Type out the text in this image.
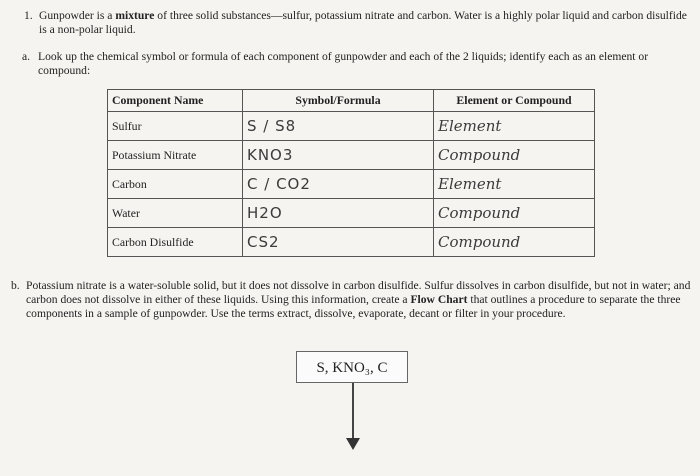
1. Gunpowder is a mixture of three solid substances—sulfur, potassium nitrate and carbon. Water is a highly polar liquid and carbon disulfide is a non-polar liquid.
a. Look up the chemical symbol or formula of each component of gunpowder and each of the 2 liquids; identify each as an element or compound:
Component Name	Symbol/Formula	Element or Compound
Sulfur	S / S8	Element
Potassium Nitrate	KNO3	Compound
Carbon	C / CO2	Element
Water	H2O	Compound
Carbon Disulfide	CS2	Compound
b. Potassium nitrate is a water-soluble solid, but it does not dissolve in carbon disulfide. Sulfur dissolves in carbon disulfide, but not in water; and carbon does not dissolve in either of these liquids. Using this information, create a Flow Chart that outlines a procedure to separate the three components in a sample of gunpowder. Use the terms extract, dissolve, evaporate, decant or filter in your procedure.
S, KNO₃, C
